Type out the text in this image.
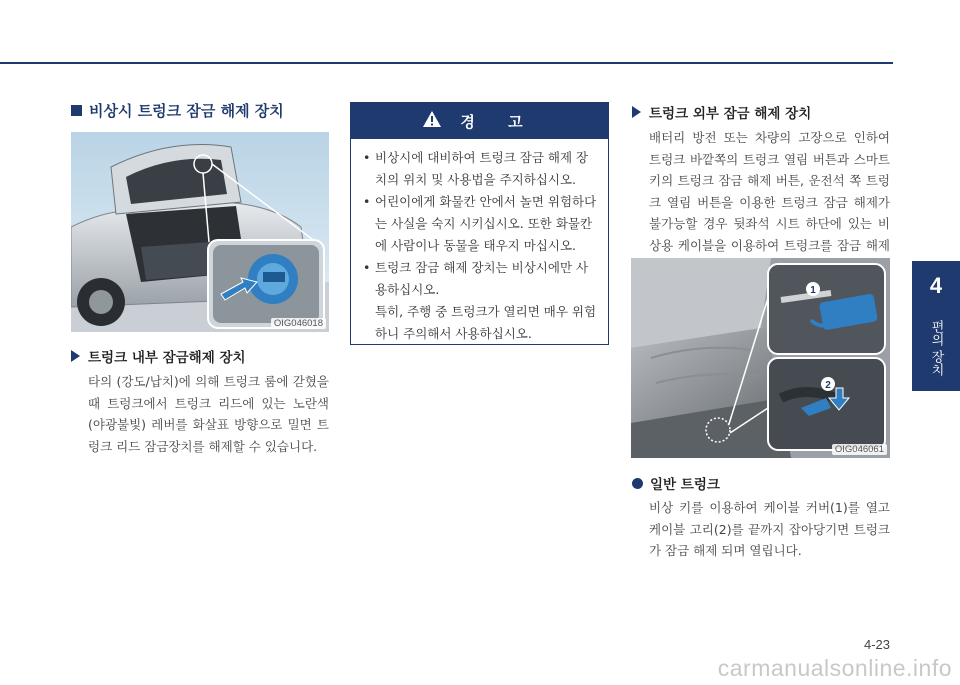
4
편의 장치
비상시 트렁크 잠금 해제 장치
OIG046018
트렁크 내부 잠금해제 장치
타의 (강도/납치)에 의해 트렁크 룸에 갇혔을 때 트렁크에서 트렁크 리드에 있는 노란색(야광불빛) 레버를 화살표 방향으로 밀면 트렁크 리드 잠금장치를 해제할 수 있습니다.
경 고
• 비상시에 대비하여 트렁크 잠금 해제 장치의 위치 및 사용법을 주지하십시오.
• 어린이에게 화물칸 안에서 놀면 위험하다는 사실을 숙지 시키십시오. 또한 화물칸에 사람이나 동물을 태우지 마십시오.
• 트렁크 잠금 해제 장치는 비상시에만 사용하십시오.
특히, 주행 중 트렁크가 열리면 매우 위험하니 주의해서 사용하십시오.
트렁크 외부 잠금 해제 장치
배터리 방전 또는 차량의 고장으로 인하여 트렁크 바깥쪽의 트렁크 열림 버튼과 스마트 키의 트렁크 잠금 해제 버튼, 운전석 쪽 트렁크 열림 버튼을 이용한 트렁크 잠금 해제가 불가능할 경우 뒷좌석 시트 하단에 있는 비상용 케이블을 이용하여 트렁크를 잠금 해제
1
2
OIG046061
일반 트렁크
비상 키를 이용하여 케이블 커버(1)를 열고 케이블 고리(2)를 끝까지 잡아당기면 트렁크가 잠금 해제 되며 열립니다.
4-23
carmanualsonline.info
